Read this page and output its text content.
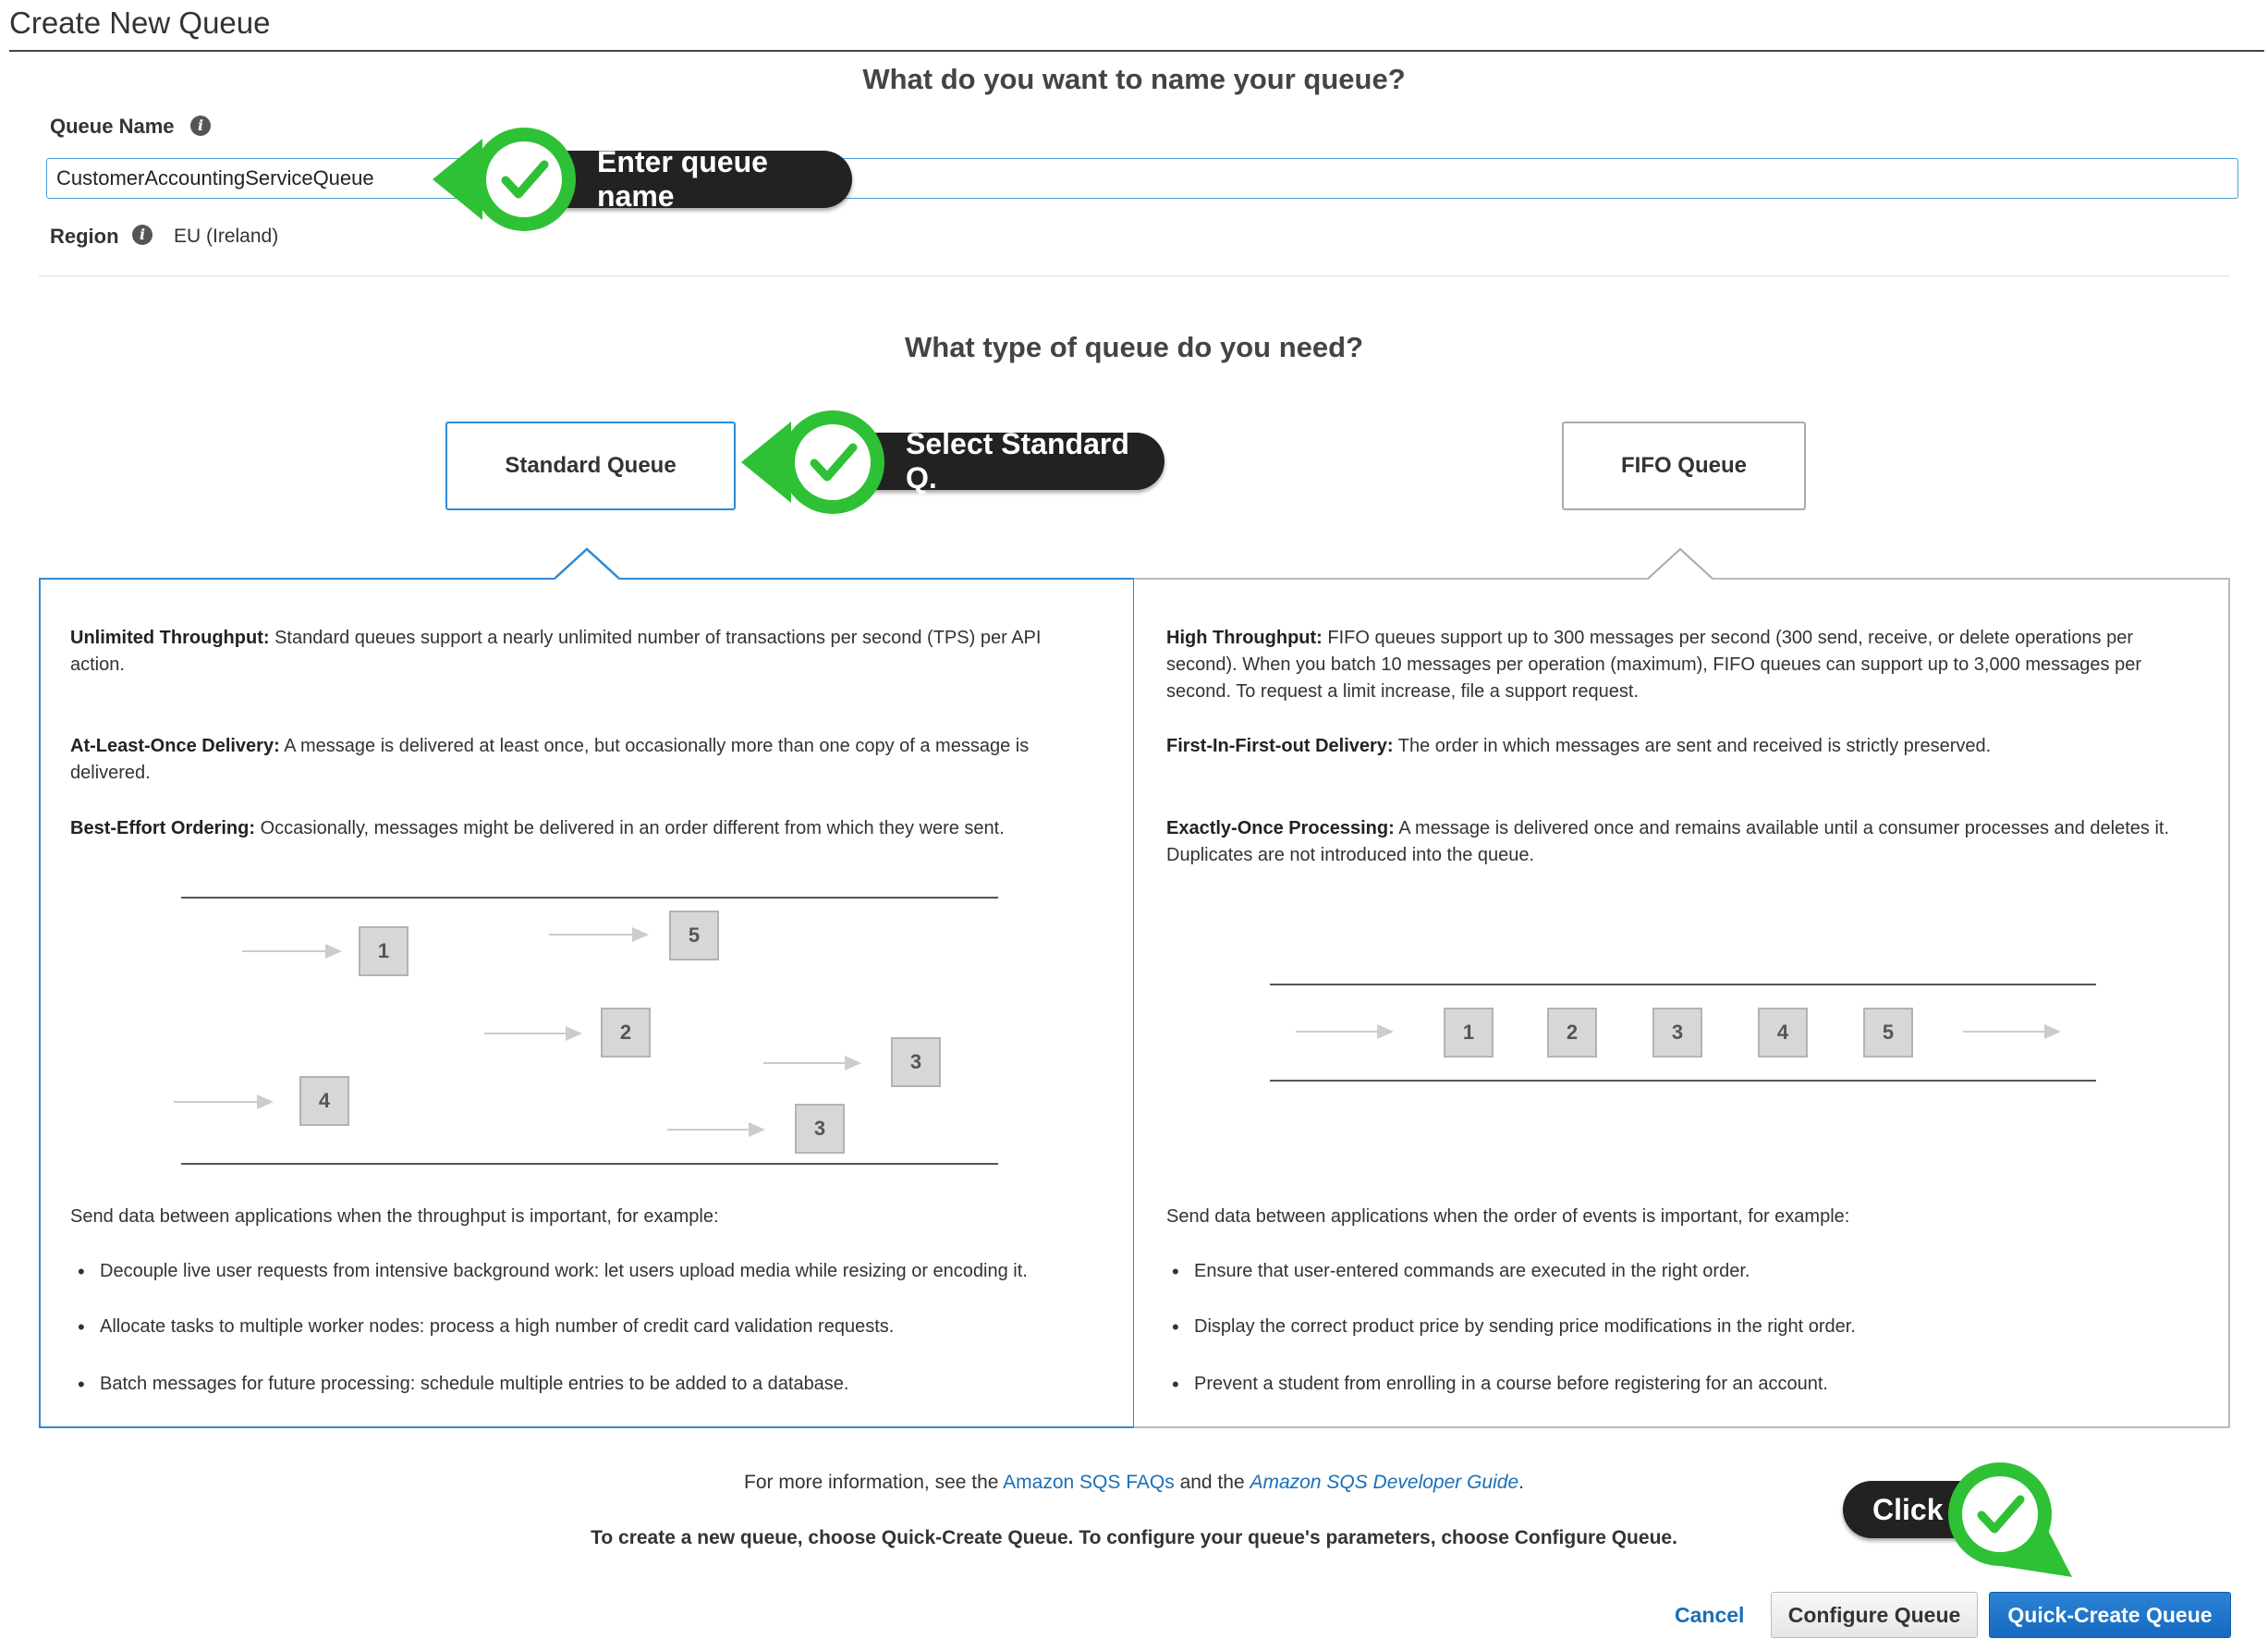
Create New Queue
What do you want to name your queue?
Queue Name	i
CustomerAccountingServiceQueue
Region	i	EU (Ireland)
What type of queue do you need?
Standard Queue	FIFO Queue
Unlimited Throughput: Standard queues support a nearly unlimited number of transactions per second (TPS) per API action.
At-Least-Once Delivery: A message is delivered at least once, but occasionally more than one copy of a message is delivered.
Best-Effort Ordering: Occasionally, messages might be delivered in an order different from which they were sent.
1
5
2
3
4
3
Send data between applications when the throughput is important, for example:
• Decouple live user requests from intensive background work: let users upload media while resizing or encoding it.
• Allocate tasks to multiple worker nodes: process a high number of credit card validation requests.
• Batch messages for future processing: schedule multiple entries to be added to a database.
High Throughput: FIFO queues support up to 300 messages per second (300 send, receive, or delete operations per second). When you batch 10 messages per operation (maximum), FIFO queues can support up to 3,000 messages per second. To request a limit increase, file a support request.
First-In-First-out Delivery: The order in which messages are sent and received is strictly preserved.
Exactly-Once Processing: A message is delivered once and remains available until a consumer processes and deletes it. Duplicates are not introduced into the queue.
1	2	3	4	5
Send data between applications when the order of events is important, for example:
• Ensure that user-entered commands are executed in the right order.
• Display the correct product price by sending price modifications in the right order.
• Prevent a student from enrolling in a course before registering for an account.
For more information, see the Amazon SQS FAQs and the Amazon SQS Developer Guide.
To create a new queue, choose Quick-Create Queue. To configure your queue's parameters, choose Configure Queue.
Cancel	Configure Queue	Quick-Create Queue
Enter queue name
Select Standard Q.
Click
